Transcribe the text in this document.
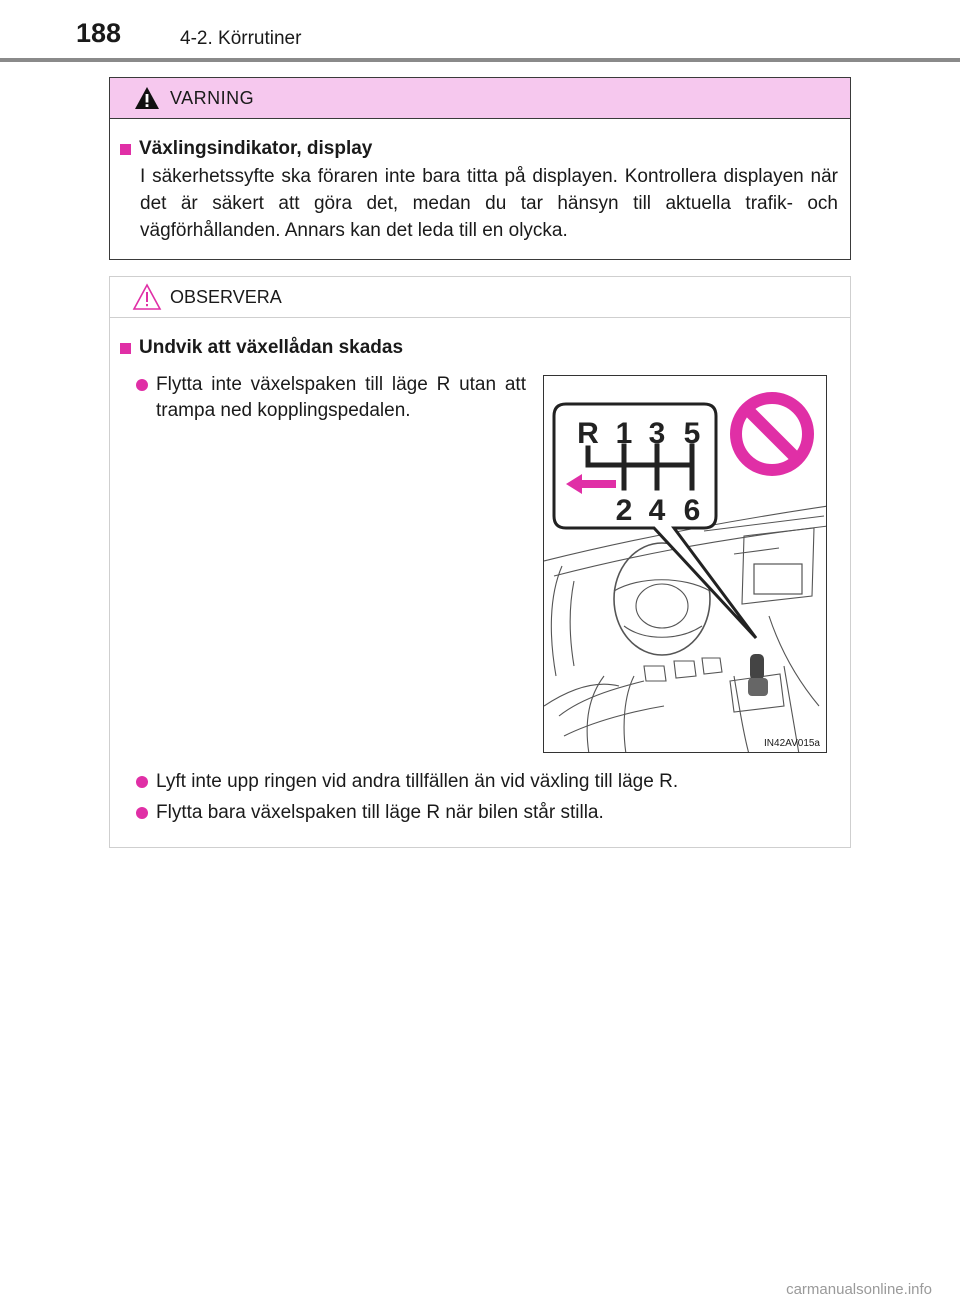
188	4-2. Körrutiner
VARNING
Växlingsindikator, display
I säkerhetssyfte ska föraren inte bara titta på displayen. Kontrollera displayen när det är säkert att göra det, medan du tar hänsyn till aktuella trafik- och vägförhållanden. Annars kan det leda till en olycka.
OBSERVERA
Undvik att växellådan skadas
Flytta inte växelspaken till läge R utan att trampa ned kopplingspedalen.
Lyft inte upp ringen vid andra tillfällen än vid växling till läge R.
Flytta bara växelspaken till läge R när bilen står stilla.
R 1 3 5
2 4 6
IN42AV015a
carmanualsonline.info
